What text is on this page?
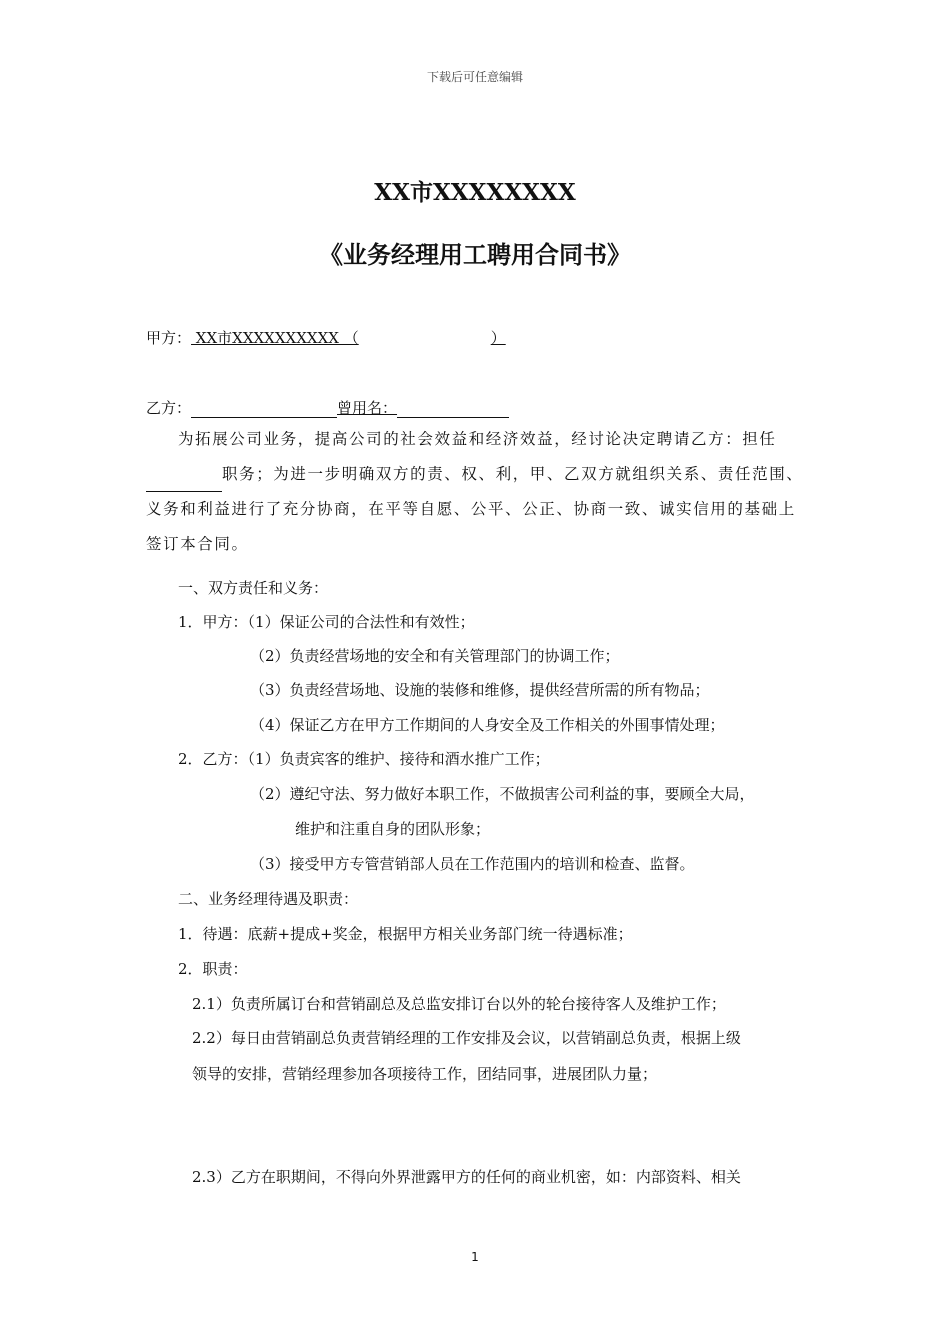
下载后可任意编辑
XX市XXXXXXXX
《业务经理用工聘用合同书》
甲方： XX市XXXXXXXXXX （	）
乙方：	曾用名：
为拓展公司业务，提高公司的社会效益和经济效益，经讨论决定聘请乙方：担任职务；为进一步明确双方的责、权、利，甲、乙双方就组织关系、责任范围、义务和利益进行了充分协商，在平等自愿、公平、公正、协商一致、诚实信用的基础上签订本合同。
一、双方责任和义务：
1．甲方：（1）保证公司的合法性和有效性；
（2）负责经营场地的安全和有关管理部门的协调工作；
（3）负责经营场地、设施的装修和维修，提供经营所需的所有物品；
（4）保证乙方在甲方工作期间的人身安全及工作相关的外围事情处理；
2．乙方：（1）负责宾客的维护、接待和酒水推广工作；
（2）遵纪守法、努力做好本职工作，不做损害公司利益的事，要顾全大局，
维护和注重自身的团队形象；
（3）接受甲方专管营销部人员在工作范围内的培训和检查、监督。
二、业务经理待遇及职责：
1．待遇：底薪+提成+奖金，根据甲方相关业务部门统一待遇标准；
2．职责：
2.1）负责所属订台和营销副总及总监安排订台以外的轮台接待客人及维护工作；
2.2）每日由营销副总负责营销经理的工作安排及会议，以营销副总负责，根据上级
领导的安排，营销经理参加各项接待工作，团结同事，进展团队力量；
2.3）乙方在职期间，不得向外界泄露甲方的任何的商业机密，如：内部资料、相关
1
